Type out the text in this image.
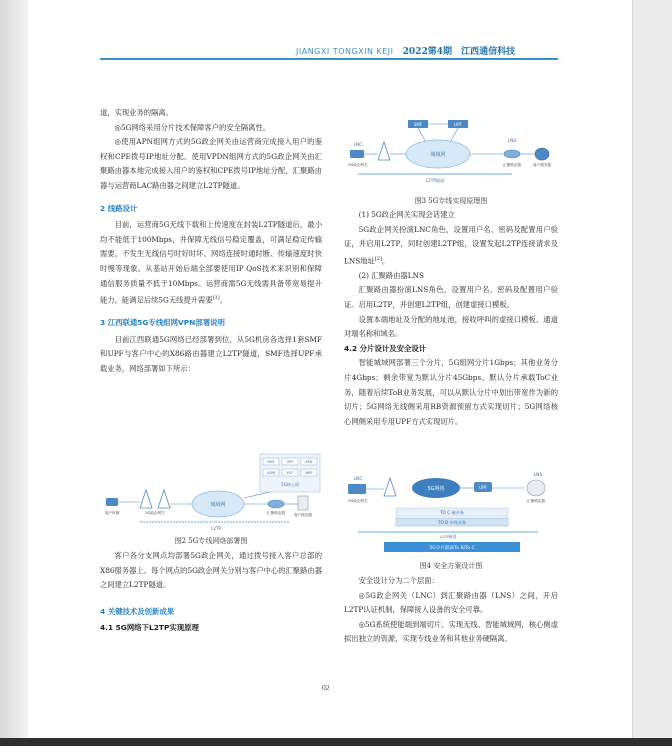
JIANGXI TONGXIN KEJI 2022第4期 江西通信科技

道，实现业务的隔离。

◎5G网络采用分片技术保障客户的安全隔离性。

◎使用APN组网方式的5G政企网关由运营商完成接入用户的鉴权和CPE拨号IP地址分配。使用VPDN组网方式的5G政企网关由汇聚路由器本地完成接入用户的鉴权和CPE拨号IP地址分配，汇聚路由器与运营商LAC路由器之间建立L2TP隧道。

2 线路设计

目前，运营商5G无线下载和上传速度在封装L2TP隧道后，最小均不能低于100Mbps，并保障无线信号稳定覆盖，可满足稳定传输需要，不发生无线信号时好时坏、网络连接时通时断、传输速度时快时慢等现象。从基站开始后端全部要使用IP QoS技术来识别和保障通信服务质量不低于10Mbps。运营商需5G无线需具备带宽易提升能力，能满足后续5G无线提升需要[1]。

3 江西联通5G专线组网VPN部署说明

目前江西联通5G网络已经部署到位，从5G机房各选择1套SMF和UPF与客户中心的X86路由器建立L2TP隧道，SMF选择UPF承载业务，网络部署如下所示：

SMF	UPF	AMF
UDM	PCF	NRF
5G核心网
城域网
客户终端	5G政企网关	汇聚路由器	客户服务器
L2TP
图2 5G专线网络部署图

客户各分支网点均部署5G政企网关，通过拨号接入客户总部的X86服务器上。每个网点的5G政企网关分别与客户中心的汇聚路由器之间建立L2TP隧道。

4 关键技术及创新成果

4.1 5G网络下L2TP实现原理

SMF	UPF
城域网
LNC
5G政企网关
LNS
汇聚路由器	客户服务器
L2TP隧道
图3 5G专线实现原理图

(1) 5G政企网关实现会话建立

5G政企网关扮演LNC角色，设置用户名、密码及配置用户验证，并启用L2TP，同时创建L2TP组，设置发起L2TP连接请求及LNS地址[2]。

(2) 汇聚路由器LNS

汇聚路由器扮演LNS角色，设置用户名、密码及配置用户验证。启用L2TP，并创建L2TP组，创建虚接口模板。

设置本端地址及分配的地址池，接收呼叫的虚接口模板、通道对端名称和域名。

4.2 分片设计及安全设计

智能城域网部署三个分片，5G组网分片1Gbps；其他业务分片4Gbps；剩余带宽为默认分片45Gbps。默认分片承载ToC业务，随着后续ToB业务发展，可以从默认分片中划出带宽作为新的切片；5G网络无线侧采用RB资源预留方式实现切片；5G网络核心网侧采用专用UPF方式实现切片。

LNC
LNS
5G政企网关
5G网络	UPF
汇聚路由器
TO C 端业务
TO B 专线业务
L2TP隧道
5G分片隔离To B/To C
图4 安全方案设计图

安全设计分为二个层面：

◎5G政企网关（LNC）到汇聚路由器（LNS）之间，开启L2TP认证机制，保障接入设备的安全可靠。

◎5G系统使能端到端切片、实现无线、智能城域网，核心侧虚拟出独立的资源，实现专线业务和其他业务硬隔离。

02
